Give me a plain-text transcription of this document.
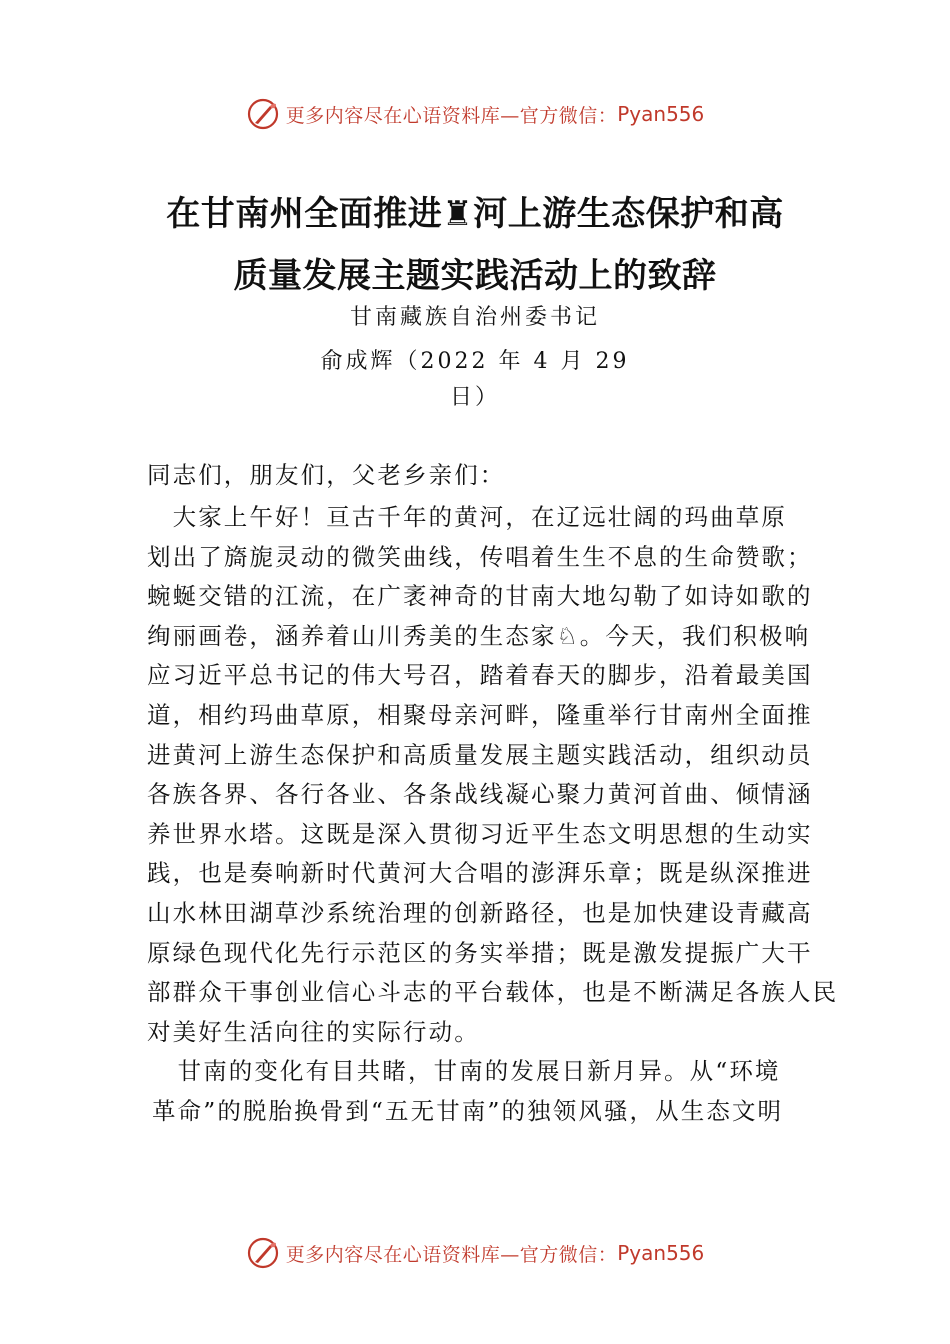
更多内容尽在心语资料库—官方微信： Pyan556
在甘南州全面推进♜河上游生态保护和高
质量发展主题实践活动上的致辞
甘南藏族自治州委书记
俞成辉（2022 年 4 月 29
日）
同志们，朋友们，父老乡亲们：
　大家上午好！亘古千年的黄河，在辽远壮阔的玛曲草原
划出了旖旎灵动的微笑曲线，传唱着生生不息的生命赞歌；
蜿蜒交错的江流，在广袤神奇的甘南大地勾勒了如诗如歌的
绚丽画卷，涵养着山川秀美的生态家♘。今天，我们积极响
应习近平总书记的伟大号召，踏着春天的脚步，沿着最美国
道，相约玛曲草原，相聚母亲河畔，隆重举行甘南州全面推
进黄河上游生态保护和高质量发展主题实践活动，组织动员
各族各界、各行各业、各条战线凝心聚力黄河首曲、倾情涵
养世界水塔。这既是深入贯彻习近平生态文明思想的生动实
践，也是奏响新时代黄河大合唱的澎湃乐章；既是纵深推进
山水林田湖草沙系统治理的创新路径，也是加快建设青藏高
原绿色现代化先行示范区的务实举措；既是激发提振广大干
部群众干事创业信心斗志的平台载体，也是不断满足各族人民
对美好生活向往的实际行动。
　甘南的变化有目共睹，甘南的发展日新月异。从“环境
革命”的脱胎换骨到“五无甘南”的独领风骚，从生态文明
更多内容尽在心语资料库—官方微信： Pyan556
